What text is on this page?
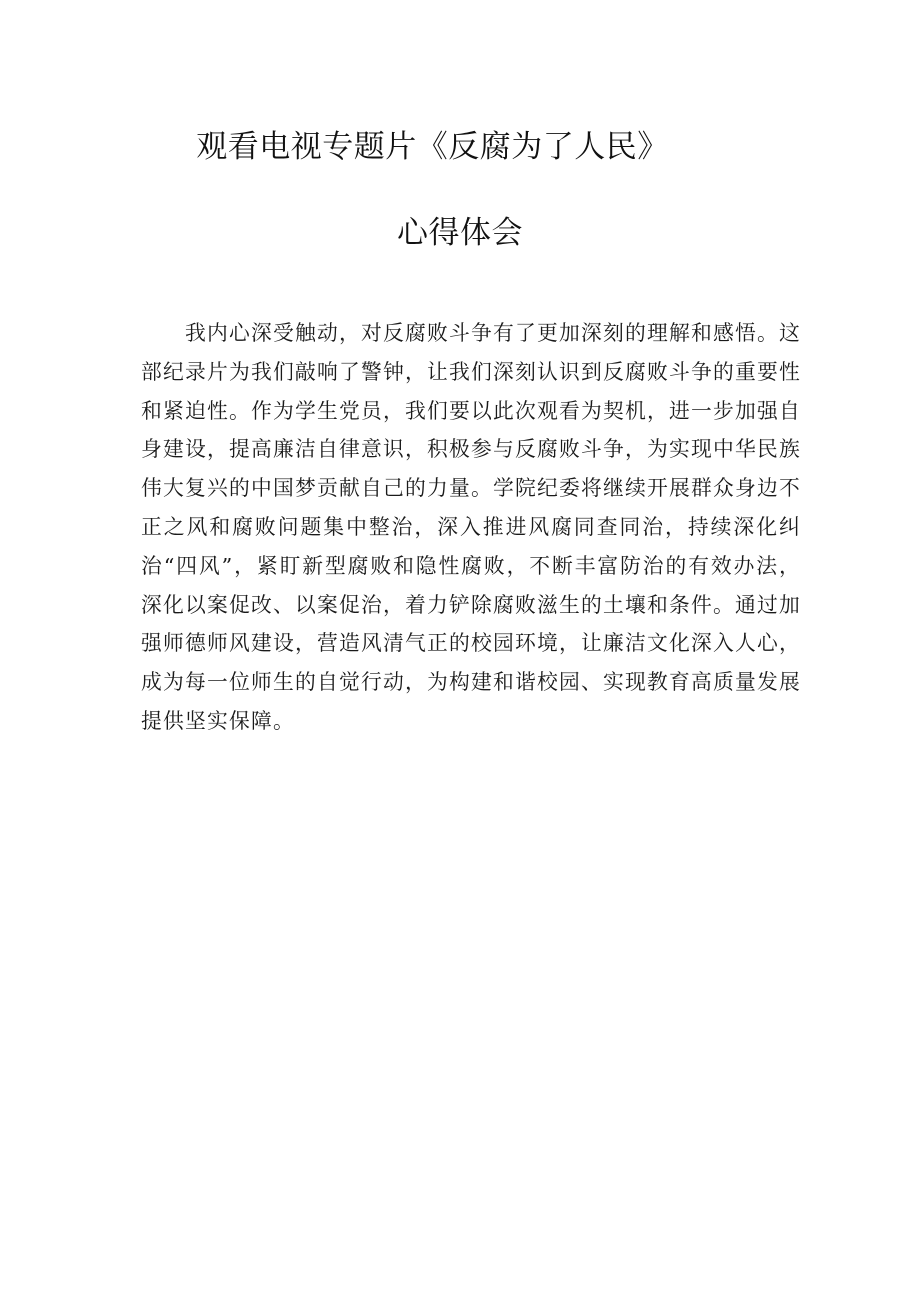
观看电视专题片《反腐为了人民》
心得体会

我内心深受触动，对反腐败斗争有了更加深刻的理解和感悟。这部纪录片为我们敲响了警钟，让我们深刻认识到反腐败斗争的重要性和紧迫性。作为学生党员，我们要以此次观看为契机，进一步加强自身建设，提高廉洁自律意识，积极参与反腐败斗争，为实现中华民族伟大复兴的中国梦贡献自己的力量。学院纪委将继续开展群众身边不正之风和腐败问题集中整治，深入推进风腐同查同治，持续深化纠治“四风”，紧盯新型腐败和隐性腐败，不断丰富防治的有效办法，深化以案促改、以案促治，着力铲除腐败滋生的土壤和条件。通过加强师德师风建设，营造风清气正的校园环境，让廉洁文化深入人心，成为每一位师生的自觉行动，为构建和谐校园、实现教育高质量发展提供坚实保障。
